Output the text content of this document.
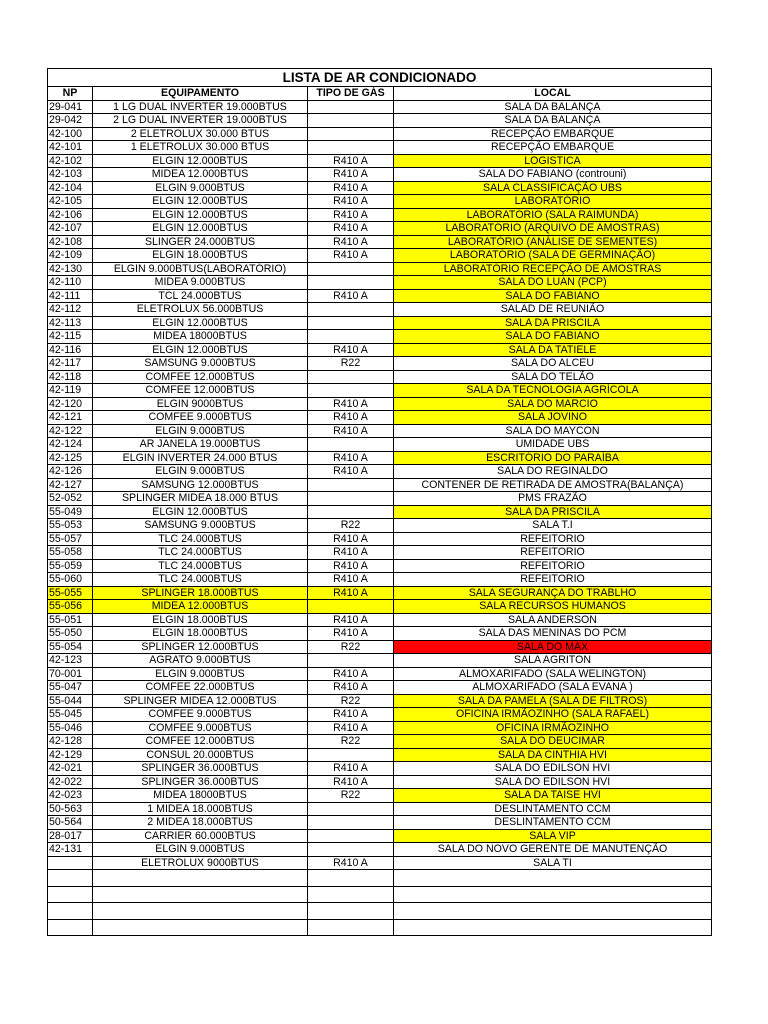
LISTA DE AR CONDICIONADO			
NP	EQUIPAMENTO	TIPO DE GÁS	LOCAL
29-041	1 LG DUAL INVERTER 19.000BTUS		SALA DA BALANÇA
29-042	2 LG DUAL INVERTER 19.000BTUS		SALA DA BALANÇA
42-100	2 ELETROLUX 30.000 BTUS		RECEPÇÃO EMBARQUE
42-101	1 ELETROLUX 30.000 BTUS		RECEPÇÃO EMBARQUE
42-102	ELGIN 12.000BTUS	R410 A	LOGISTICA
42-103	MIDEA 12.000BTUS	R410 A	SALA DO FABIANO (controuni)
42-104	ELGIN 9.000BTUS	R410 A	SALA CLASSIFICAÇÃO UBS
42-105	ELGIN 12.000BTUS	R410 A	LABORATÓRIO
42-106	ELGIN 12.000BTUS	R410 A	LABORATÓRIO (SALA RAIMUNDA)
42-107	ELGIN 12.000BTUS	R410 A	LABORATÓRIO (ARQUIVO DE AMOSTRAS)
42-108	SLINGER 24.000BTUS	R410 A	LABORATÓRIO (ANÁLISE DE SEMENTES)
42-109	ELGIN 18.000BTUS	R410 A	LABORATÓRIO (SALA DE GERMINAÇÃO)
42-130	ELGIN 9.000BTUS(LABORATÓRIO)		LABORATÓRIO RECEPÇÃO DE AMOSTRAS
42-110	MIDEA 9.000BTUS		SALA DO LUAN (PCP)
42-111	TCL 24.000BTUS	R410 A	SALA DO FABIANO
42-112	ELETROLUX 56.000BTUS		SALAD DE REUNIÃO
42-113	ELGIN 12.000BTUS		SALA DA PRISCILA
42-115	MIDEA 18000BTUS		SALA DO FABIANO
42-116	ELGIN 12.000BTUS	R410 A	SALA DA TATIELE
42-117	SAMSUNG 9.000BTUS	R22	SALA DO ALCEU
42-118	COMFEE 12.000BTUS		SALA DO TELÃO
42-119	COMFEE 12.000BTUS		SALA DA TECNOLOGIA AGRÍCOLA
42-120	ELGIN 9000BTUS	R410 A	SALA DO MARCIO
42-121	COMFEE 9.000BTUS	R410 A	SALA JOVINO
42-122	ELGIN 9.000BTUS	R410 A	SALA DO MAYCON
42-124	AR JANELA 19.000BTUS		UMIDADE UBS
42-125	ELGIN INVERTER 24.000 BTUS	R410 A	ESCRITÓRIO DO PARAÍBA
42-126	ELGIN 9.000BTUS	R410 A	SALA DO REGINALDO
42-127	SAMSUNG 12.000BTUS		CONTENER DE RETIRADA DE AMOSTRA(BALANÇA)
52-052	SPLINGER MIDEA 18.000 BTUS		PMS FRAZÃO
55-049	ELGIN 12.000BTUS		SALA DA PRISCILA
55-053	SAMSUNG 9.000BTUS	R22	SALA T.I
55-057	TLC 24.000BTUS	R410 A	REFEITORIO
55-058	TLC 24.000BTUS	R410 A	REFEITORIO
55-059	TLC 24.000BTUS	R410 A	REFEITORIO
55-060	TLC 24.000BTUS	R410 A	REFEITORIO
55-055	SPLINGER 18.000BTUS	R410 A	SALA SEGURANÇA DO TRABLHO
55-056	MIDEA 12.000BTUS		SALA RECURSOS HUMANOS
55-051	ELGIN 18.000BTUS	R410 A	SALA ANDERSON
55-050	ELGIN 18.000BTUS	R410 A	SALA DAS MENINAS DO PCM
55-054	SPLINGER 12.000BTUS	R22	SALA DO MAX
42-123	AGRATO 9.000BTUS		SALA AGRITON
70-001	ELGIN 9.000BTUS	R410 A	ALMOXARIFADO (SALA WELINGTON)
55-047	COMFEE 22.000BTUS	R410 A	ALMOXARIFADO (SALA EVANA )
55-044	SPLINGER MIDEA 12.000BTUS	R22	SALA DA PAMELA (SALA DE FILTROS)
55-045	COMFEE 9.000BTUS	R410 A	OFICINA IRMÃOZINHO (SALA RAFAEL)
55-046	COMFEE 9.000BTUS	R410 A	OFICINA IRMÃOZINHO
42-128	COMFEE 12.000BTUS	R22	SALA DO DEUCIMAR
42-129	CONSUL 20.000BTUS		SALA DA CINTHIA HVI
42-021	SPLINGER 36.000BTUS	R410 A	SALA DO EDILSON HVI
42-022	SPLINGER 36.000BTUS	R410 A	SALA DO EDILSON HVI
42-023	MIDEA 18000BTUS	R22	SALA DA TAISE HVI
50-563	1 MIDEA 18.000BTUS		DESLINTAMENTO CCM
50-564	2 MIDEA 18.000BTUS		DESLINTAMENTO CCM
28-017	CARRIER 60.000BTUS		SALA VIP
42-131	ELGIN 9.000BTUS		SALA DO NOVO GERENTE DE MANUTENÇÃO
	ELETROLUX 9000BTUS	R410 A	SALA TI
